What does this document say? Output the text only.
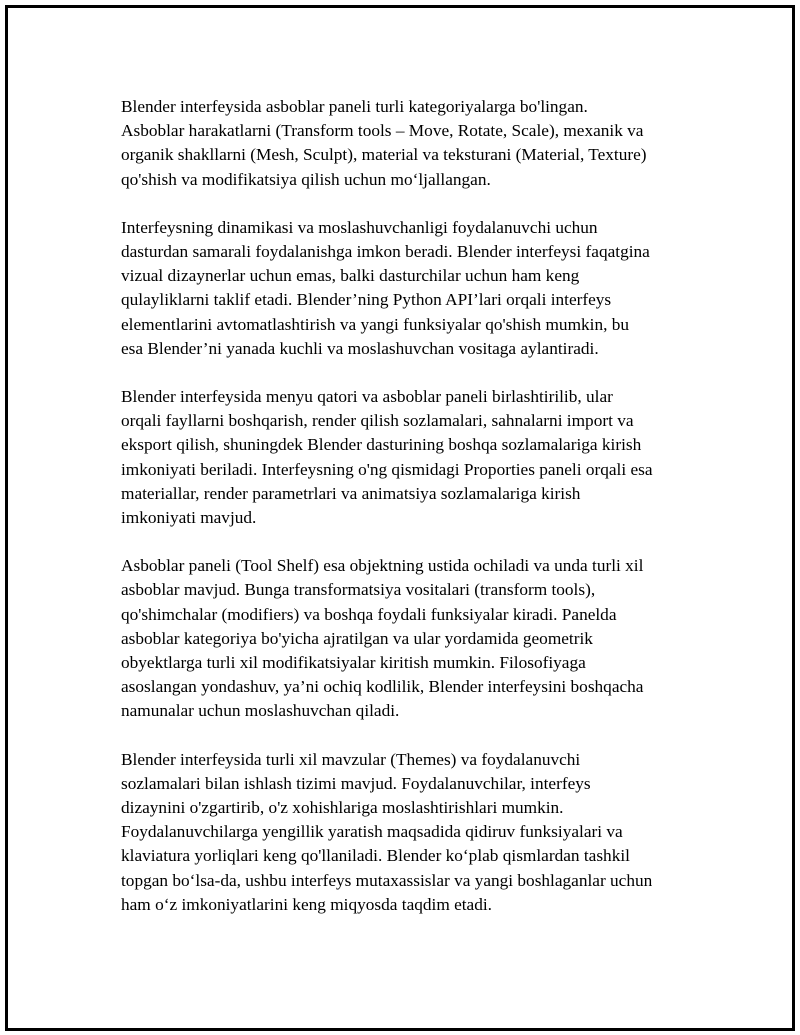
Blender interfeysida asboblar paneli turli kategoriyalarga bo'lingan.
Asboblar harakatlarni (Transform tools – Move, Rotate, Scale), mexanik va
organik shakllarni (Mesh, Sculpt), material va teksturani (Material, Texture)
qo'shish va modifikatsiya qilish uchun mo‘ljallangan.

Interfeysning dinamikasi va moslashuvchanligi foydalanuvchi uchun
dasturdan samarali foydalanishga imkon beradi. Blender interfeysi faqatgina
vizual dizaynerlar uchun emas, balki dasturchilar uchun ham keng
qulayliklarni taklif etadi. Blender’ning Python API’lari orqali interfeys
elementlarini avtomatlashtirish va yangi funksiyalar qo'shish mumkin, bu
esa Blender’ni yanada kuchli va moslashuvchan vositaga aylantiradi.

Blender interfeysida menyu qatori va asboblar paneli birlashtirilib, ular
orqali fayllarni boshqarish, render qilish sozlamalari, sahnalarni import va
eksport qilish, shuningdek Blender dasturining boshqa sozlamalariga kirish
imkoniyati beriladi. Interfeysning o'ng qismidagi Proporties paneli orqali esa
materiallar, render parametrlari va animatsiya sozlamalariga kirish
imkoniyati mavjud.

Asboblar paneli (Tool Shelf) esa objektning ustida ochiladi va unda turli xil
asboblar mavjud. Bunga transformatsiya vositalari (transform tools),
qo'shimchalar (modifiers) va boshqa foydali funksiyalar kiradi. Panelda
asboblar kategoriya bo'yicha ajratilgan va ular yordamida geometrik
obyektlarga turli xil modifikatsiyalar kiritish mumkin. Filosofiyaga
asoslangan yondashuv, ya’ni ochiq kodlilik, Blender interfeysini boshqacha
namunalar uchun moslashuvchan qiladi.

Blender interfeysida turli xil mavzular (Themes) va foydalanuvchi
sozlamalari bilan ishlash tizimi mavjud. Foydalanuvchilar, interfeys
dizaynini o'zgartirib, o'z xohishlariga moslashtirishlari mumkin.
Foydalanuvchilarga yengillik yaratish maqsadida qidiruv funksiyalari va
klaviatura yorliqlari keng qo'llaniladi. Blender ko‘plab qismlardan tashkil
topgan bo‘lsa-da, ushbu interfeys mutaxassislar va yangi boshlaganlar uchun
ham o‘z imkoniyatlarini keng miqyosda taqdim etadi.
